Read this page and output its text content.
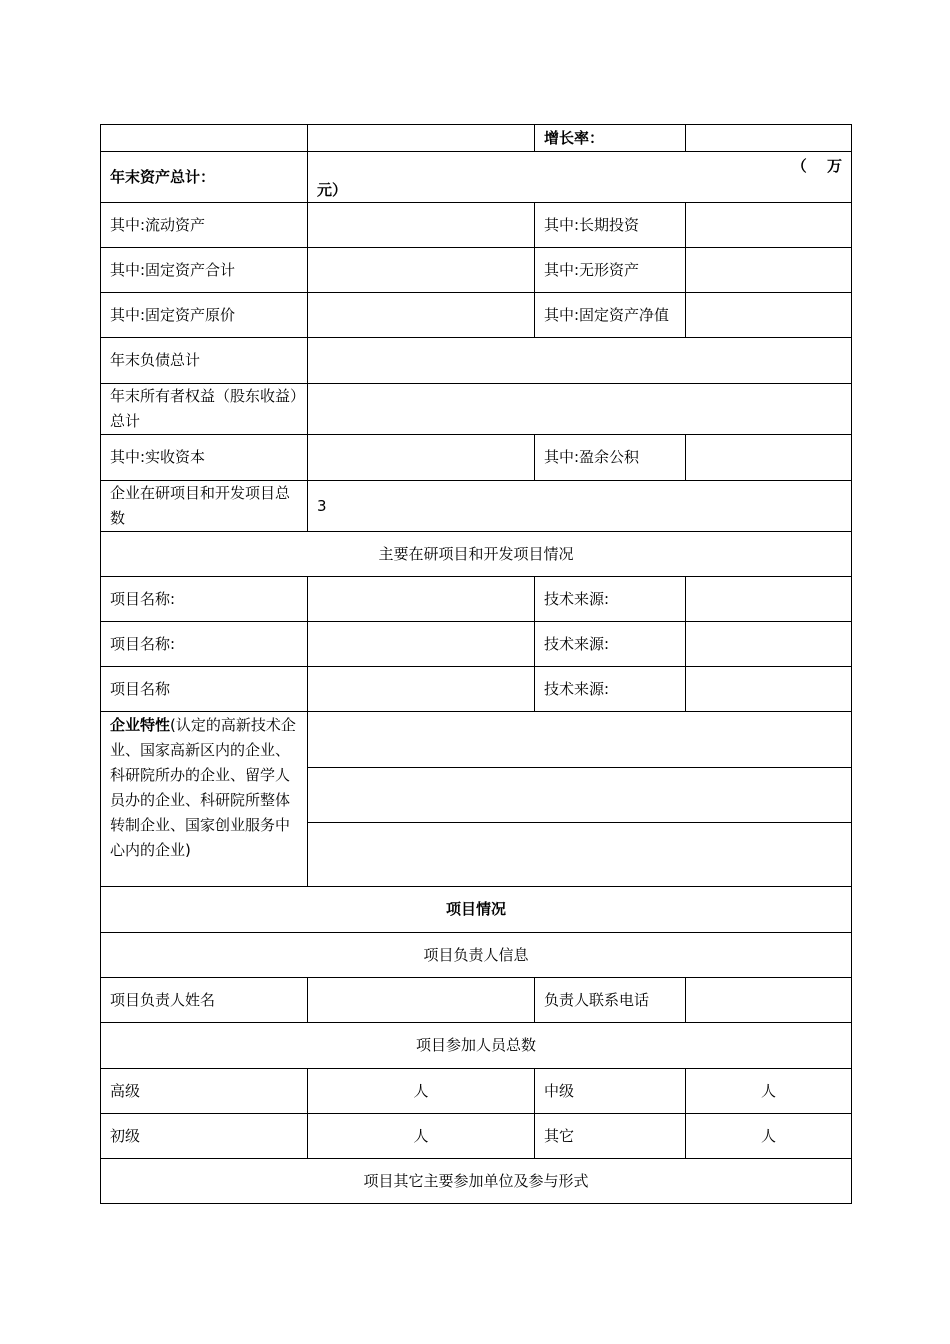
		增长率：	
年末资产总计：	（　 万
元）		

其中:流动资产		其中:长期投资	
其中:固定资产合计		其中:无形资产	
其中:固定资产原价		其中:固定资产净值	
年末负债总计			
年末所有者权益（股东收益）总计			
其中:实收资本		其中:盈余公积	
企业在研项目和开发项目总数	3		
主要在研项目和开发项目情况			
项目名称:		技术来源:	
项目名称:		技术来源:	
项目名称		技术来源:	
企业特性(认定的高新技术企业、国家高新区内的企业、科研院所办的企业、留学人员办的企业、科研院所整体转制企业、国家创业服务中心内的企业)			

项目情况			
项目负责人信息			
项目负责人姓名		负责人联系电话	
项目参加人员总数			
高级	人	中级	人
初级	人	其它	人
项目其它主要参加单位及参与形式			
